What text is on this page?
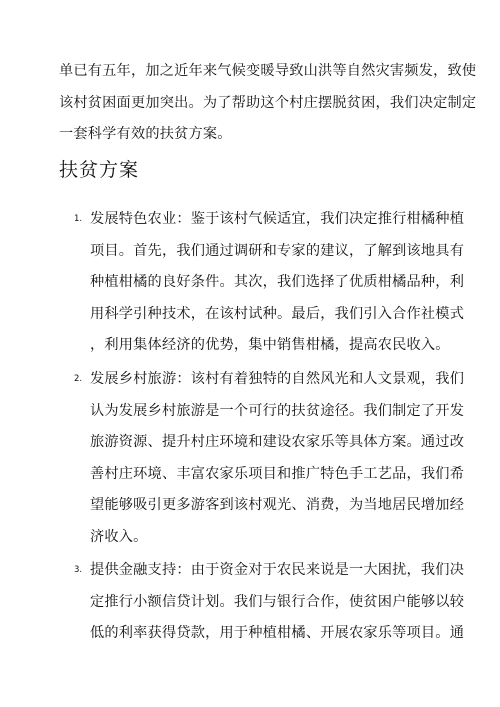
单已有五年，加之近年来气候变暖导致山洪等自然灾害频发，致使
该村贫困面更加突出。为了帮助这个村庄摆脱贫困，我们决定制定
一套科学有效的扶贫方案。
扶贫方案
1. 发展特色农业：鉴于该村气候适宜，我们决定推行柑橘种植
项目。首先，我们通过调研和专家的建议，了解到该地具有
种植柑橘的良好条件。其次，我们选择了优质柑橘品种，利
用科学引种技术，在该村试种。最后，我们引入合作社模式
，利用集体经济的优势，集中销售柑橘，提高农民收入。
2. 发展乡村旅游：该村有着独特的自然风光和人文景观，我们
认为发展乡村旅游是一个可行的扶贫途径。我们制定了开发
旅游资源、提升村庄环境和建设农家乐等具体方案。通过改
善村庄环境、丰富农家乐项目和推广特色手工艺品，我们希
望能够吸引更多游客到该村观光、消费，为当地居民增加经
济收入。
3. 提供金融支持：由于资金对于农民来说是一大困扰，我们决
定推行小额信贷计划。我们与银行合作，使贫困户能够以较
低的利率获得贷款，用于种植柑橘、开展农家乐等项目。通
